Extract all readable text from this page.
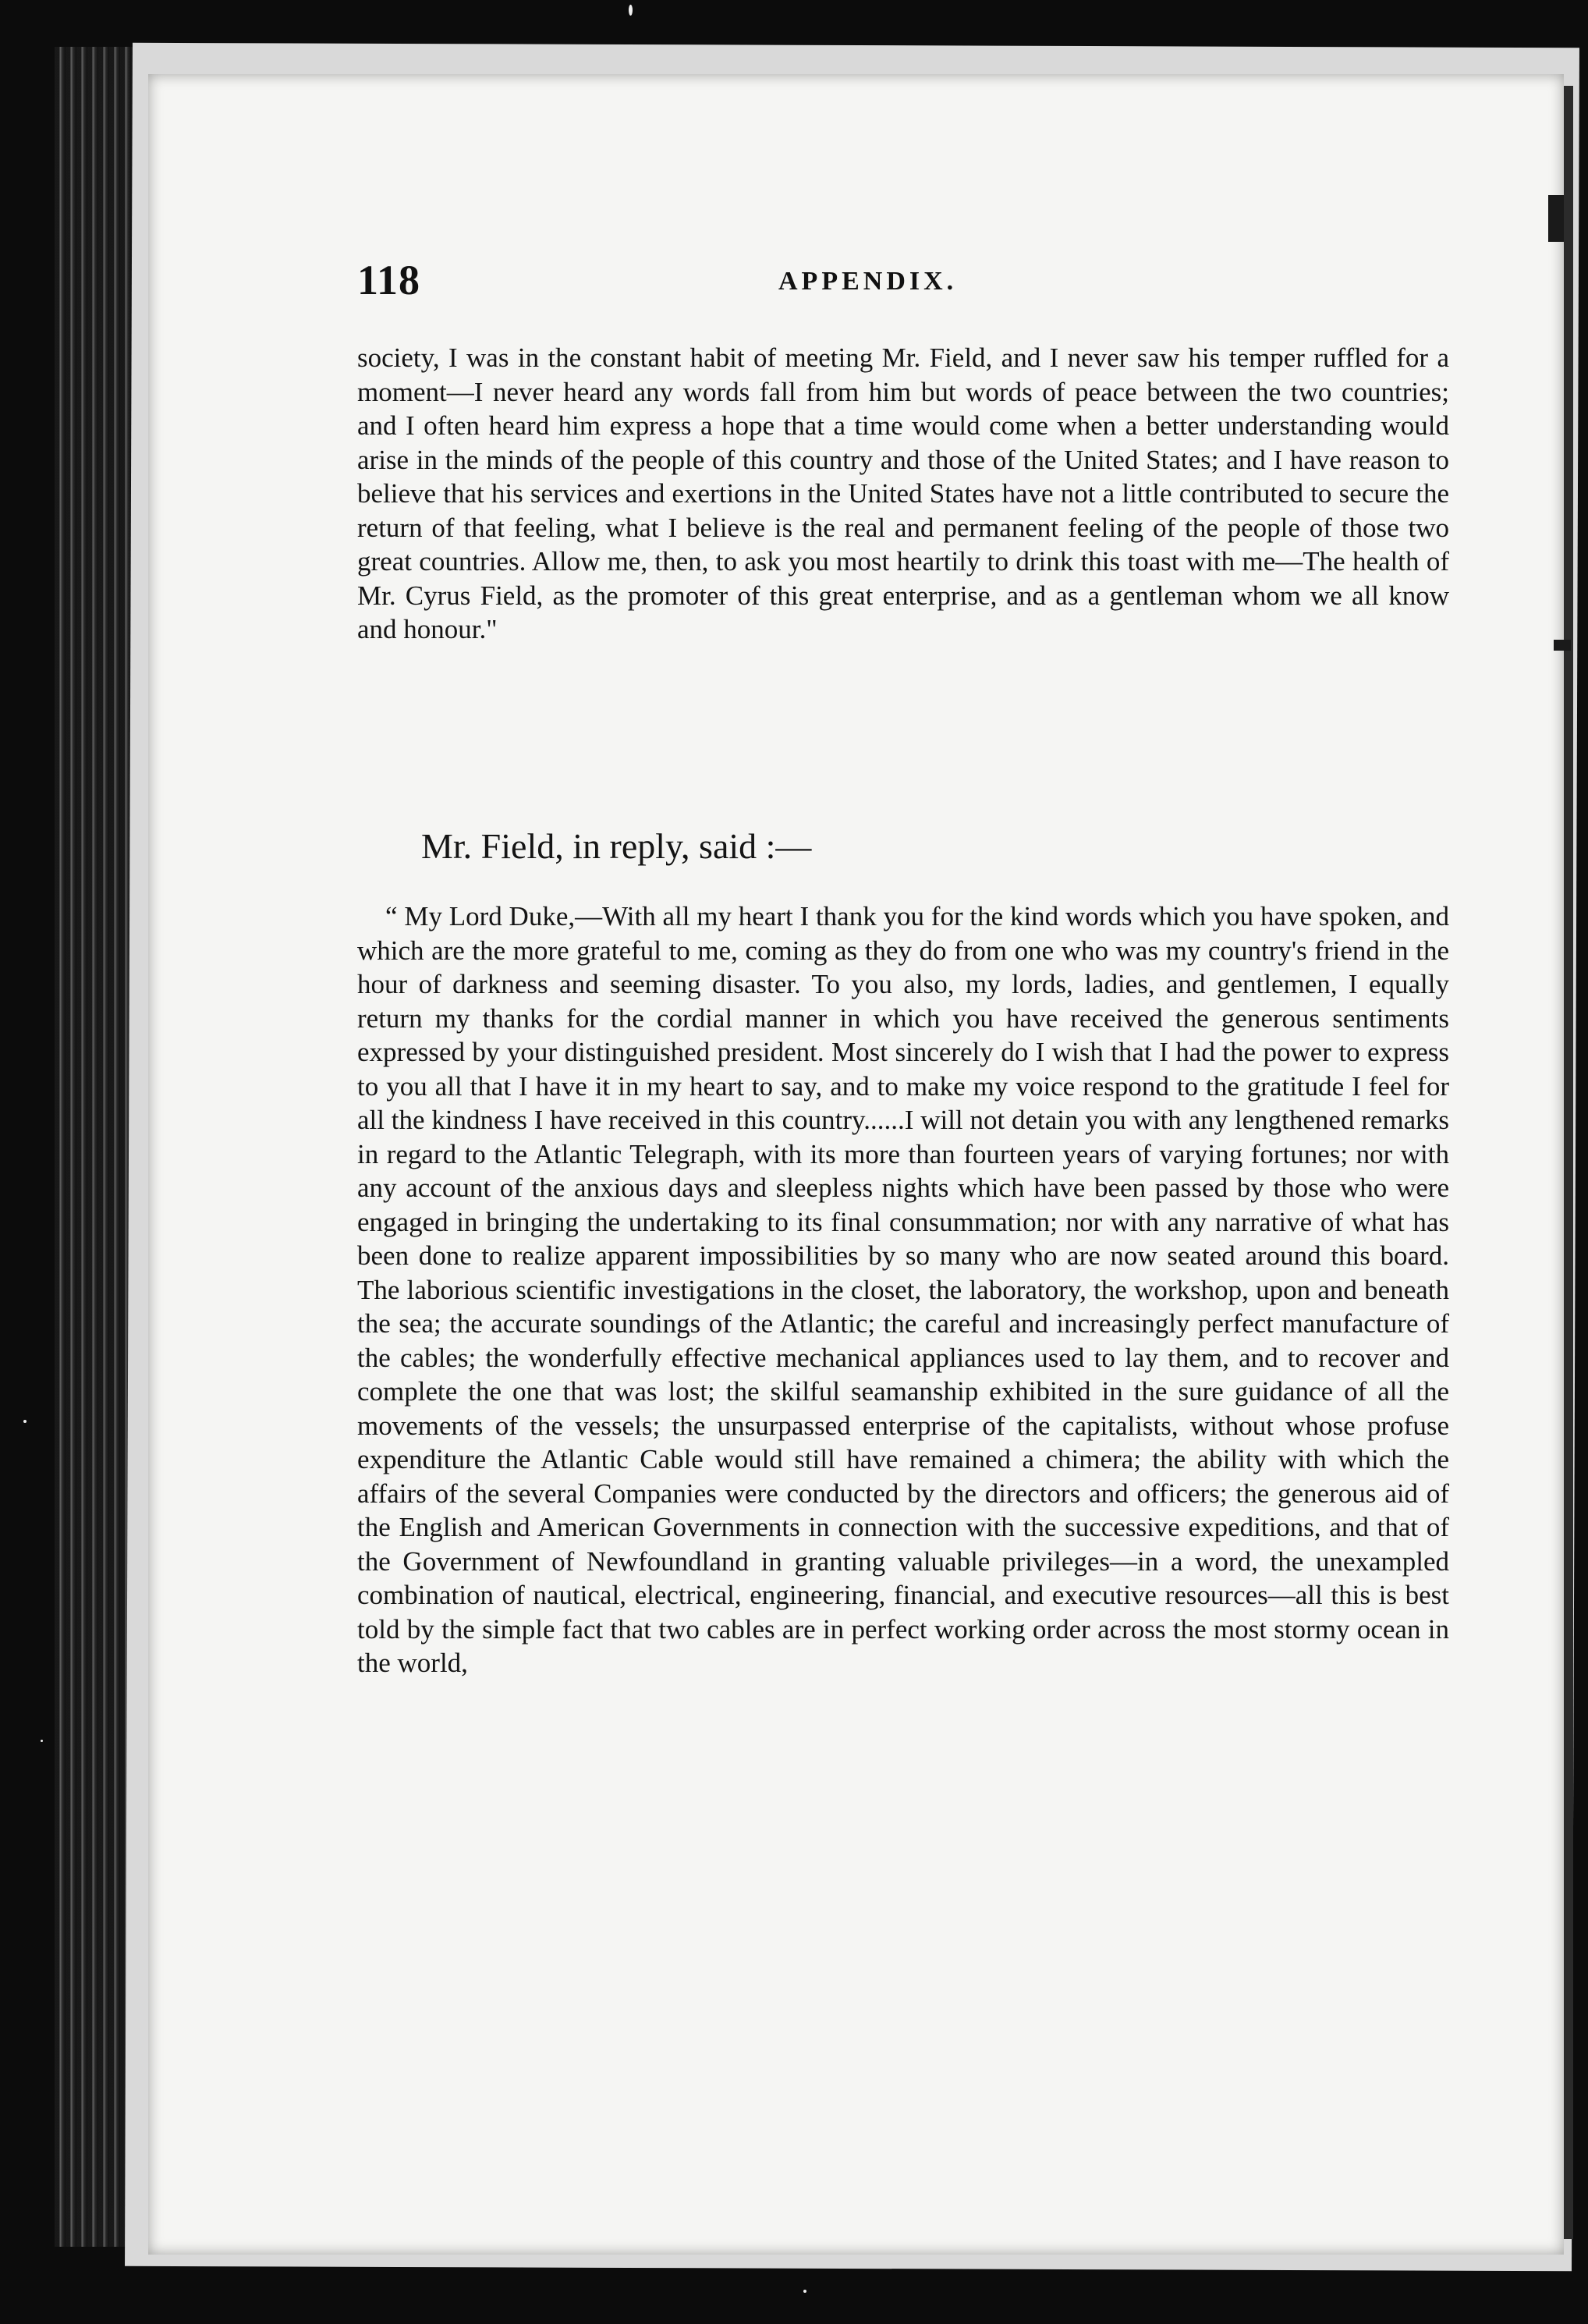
118	APPENDIX.

society, I was in the constant habit of meeting Mr. Field, and I never saw his temper ruffled for a moment—I never heard any words fall from him but words of peace between the two countries; and I often heard him express a hope that a time would come when a better understanding would arise in the minds of the people of this country and those of the United States; and I have reason to believe that his services and exertions in the United States have not a little contributed to secure the return of that feeling, what I believe is the real and permanent feeling of the people of those two great countries. Allow me, then, to ask you most heartily to drink this toast with me—The health of Mr. Cyrus Field, as the promoter of this great enterprise, and as a gentleman whom we all know and honour."

Mr. Field, in reply, said :—

“ My Lord Duke,—With all my heart I thank you for the kind words which you have spoken, and which are the more grateful to me, coming as they do from one who was my country's friend in the hour of darkness and seeming disaster. To you also, my lords, ladies, and gentlemen, I equally return my thanks for the cordial manner in which you have received the generous sentiments expressed by your distinguished president. Most sincerely do I wish that I had the power to express to you all that I have it in my heart to say, and to make my voice respond to the gratitude I feel for all the kindness I have received in this country......I will not detain you with any lengthened remarks in regard to the Atlantic Telegraph, with its more than fourteen years of varying fortunes; nor with any account of the anxious days and sleepless nights which have been passed by those who were engaged in bringing the undertaking to its final consummation; nor with any narrative of what has been done to realize apparent impossibilities by so many who are now seated around this board. The laborious scientific investigations in the closet, the laboratory, the workshop, upon and beneath the sea; the accurate soundings of the Atlantic; the careful and increasingly perfect manufacture of the cables; the wonderfully effective mechanical appliances used to lay them, and to recover and complete the one that was lost; the skilful seamanship exhibited in the sure guidance of all the movements of the vessels; the unsurpassed enterprise of the capitalists, without whose profuse expenditure the Atlantic Cable would still have remained a chimera; the ability with which the affairs of the several Companies were conducted by the directors and officers; the generous aid of the English and American Governments in connection with the successive expeditions, and that of the Government of Newfoundland in granting valuable privileges—in a word, the unexampled combination of nautical, electrical, engineering, financial, and executive resources—all this is best told by the simple fact that two cables are in perfect working order across the most stormy ocean in the world,
